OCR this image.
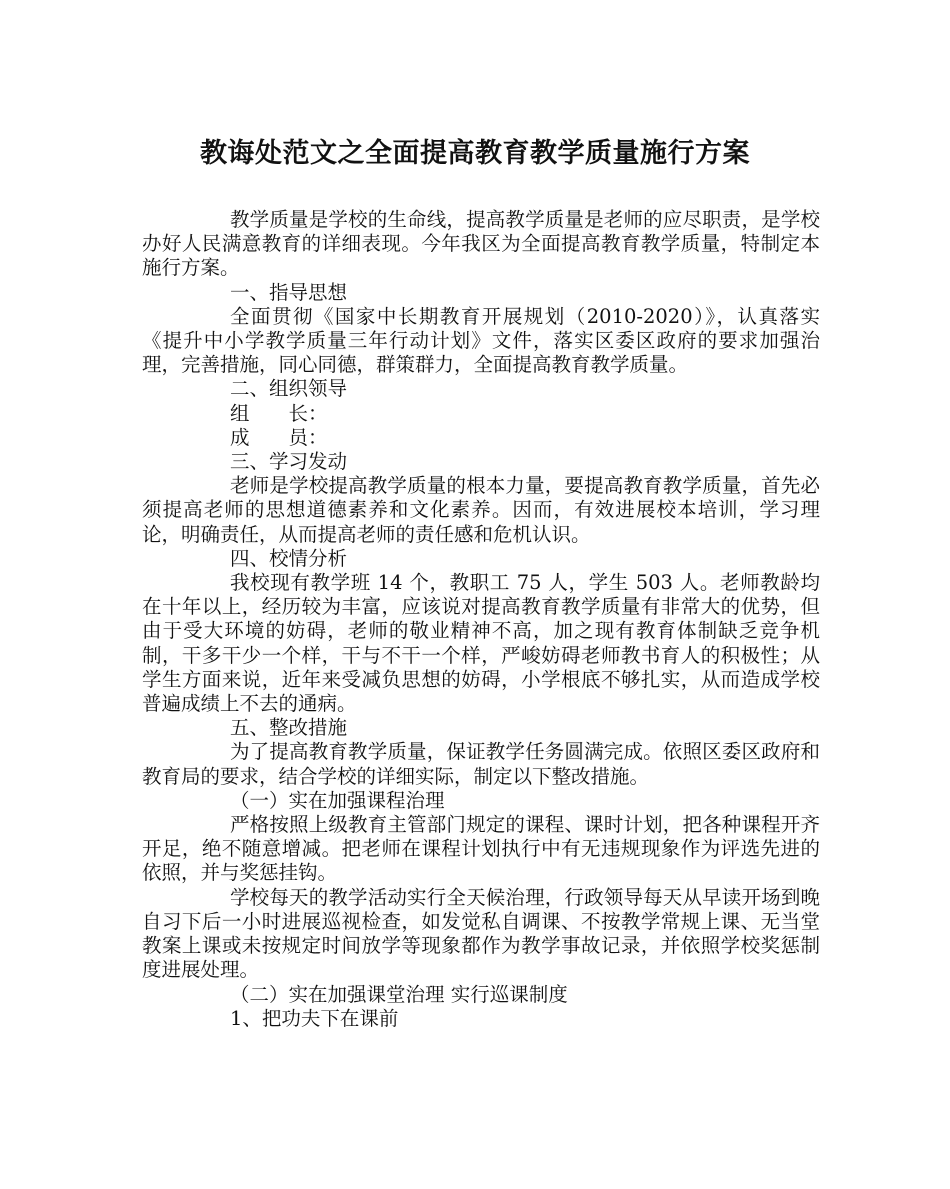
教诲处范文之全面提高教育教学质量施行方案

教学质量是学校的生命线，提高教学质量是老师的应尽职责，是学校办好人民满意教育的详细表现。今年我区为全面提高教育教学质量，特制定本施行方案。

一、指导思想

全面贯彻《国家中长期教育开展规划（2010-2020）》，认真落实《提升中小学教学质量三年行动计划》文件，落实区委区政府的要求加强治理，完善措施，同心同德，群策群力，全面提高教育教学质量。

二、组织领导

组　　长：

成　　员：

三、学习发动

老师是学校提高教学质量的根本力量，要提高教育教学质量，首先必须提高老师的思想道德素养和文化素养。因而，有效进展校本培训，学习理论，明确责任，从而提高老师的责任感和危机认识。

四、校情分析

我校现有教学班 14 个，教职工 75 人，学生 503 人。老师教龄均在十年以上，经历较为丰富，应该说对提高教育教学质量有非常大的优势，但由于受大环境的妨碍，老师的敬业精神不高，加之现有教育体制缺乏竞争机制，干多干少一个样，干与不干一个样，严峻妨碍老师教书育人的积极性；从学生方面来说，近年来受减负思想的妨碍，小学根底不够扎实，从而造成学校普遍成绩上不去的通病。

五、整改措施

为了提高教育教学质量，保证教学任务圆满完成。依照区委区政府和教育局的要求，结合学校的详细实际，制定以下整改措施。

（一）实在加强课程治理

严格按照上级教育主管部门规定的课程、课时计划，把各种课程开齐开足，绝不随意增减。把老师在课程计划执行中有无违规现象作为评选先进的依照，并与奖惩挂钩。

学校每天的教学活动实行全天候治理，行政领导每天从早读开场到晚自习下后一小时进展巡视检查，如发觉私自调课、不按教学常规上课、无当堂教案上课或未按规定时间放学等现象都作为教学事故记录，并依照学校奖惩制度进展处理。

（二）实在加强课堂治理 实行巡课制度

1、把功夫下在课前
